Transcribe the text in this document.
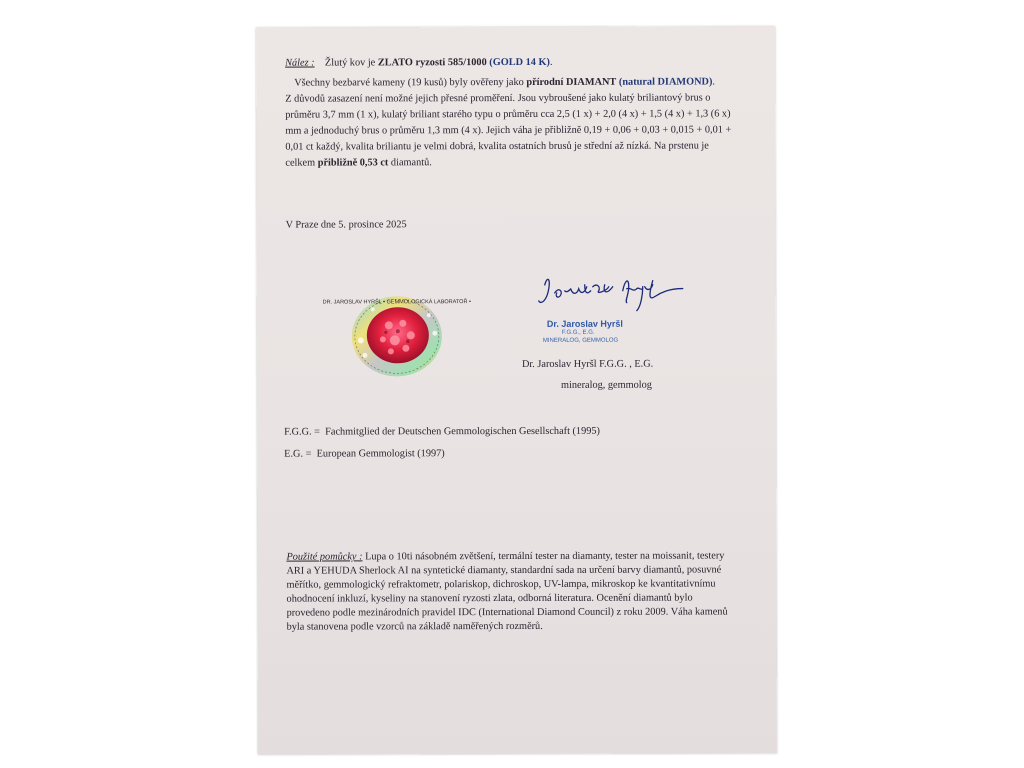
Nález : Žlutý kov je ZLATO ryzosti 585/1000 (GOLD 14 K).
Všechny bezbarvé kameny (19 kusů) byly ověřeny jako přírodní DIAMANT (natural DIAMOND).
Z důvodů zasazení není možné jejich přesné proměření. Jsou vybroušené jako kulatý briliantový brus o
průměru 3,7 mm (1 x), kulatý briliant starého typu o průměru cca 2,5 (1 x) + 2,0 (4 x) + 1,5 (4 x) + 1,3 (6 x)
mm a jednoduchý brus o průměru 1,3 mm (4 x). Jejich váha je přibližně 0,19 + 0,06 + 0,03 + 0,015 + 0,01 +
0,01 ct každý, kvalita briliantu je velmi dobrá, kvalita ostatních brusů je střední až nízká. Na prstenu je
celkem přibližně 0,53 ct diamantů.
V Praze dne 5. prosince 2025
DR. JAROSLAV HYRŠL • GEMMOLOGICKÁ LABORATOŘ •
Dr. Jaroslav Hyršl
F.G.G., E.G.
MINERALOG, GEMMOLOG
Dr. Jaroslav Hyršl F.G.G. , E.G.
mineralog, gemmolog
F.G.G. = Fachmitglied der Deutschen Gemmologischen Gesellschaft (1995)
E.G. = European Gemmologist (1997)
Použité pomůcky : Lupa o 10ti násobném zvětšení, termální tester na diamanty, tester na moissanit, testery
ARI a YEHUDA Sherlock AI na syntetické diamanty, standardní sada na určení barvy diamantů, posuvné
měřítko, gemmologický refraktometr, polariskop, dichroskop, UV-lampa, mikroskop ke kvantitativnímu
ohodnocení inkluzí, kyseliny na stanovení ryzosti zlata, odborná literatura. Ocenění diamantů bylo
provedeno podle mezinárodních pravidel IDC (International Diamond Council) z roku 2009. Váha kamenů
byla stanovena podle vzorců na základě naměřených rozměrů.
